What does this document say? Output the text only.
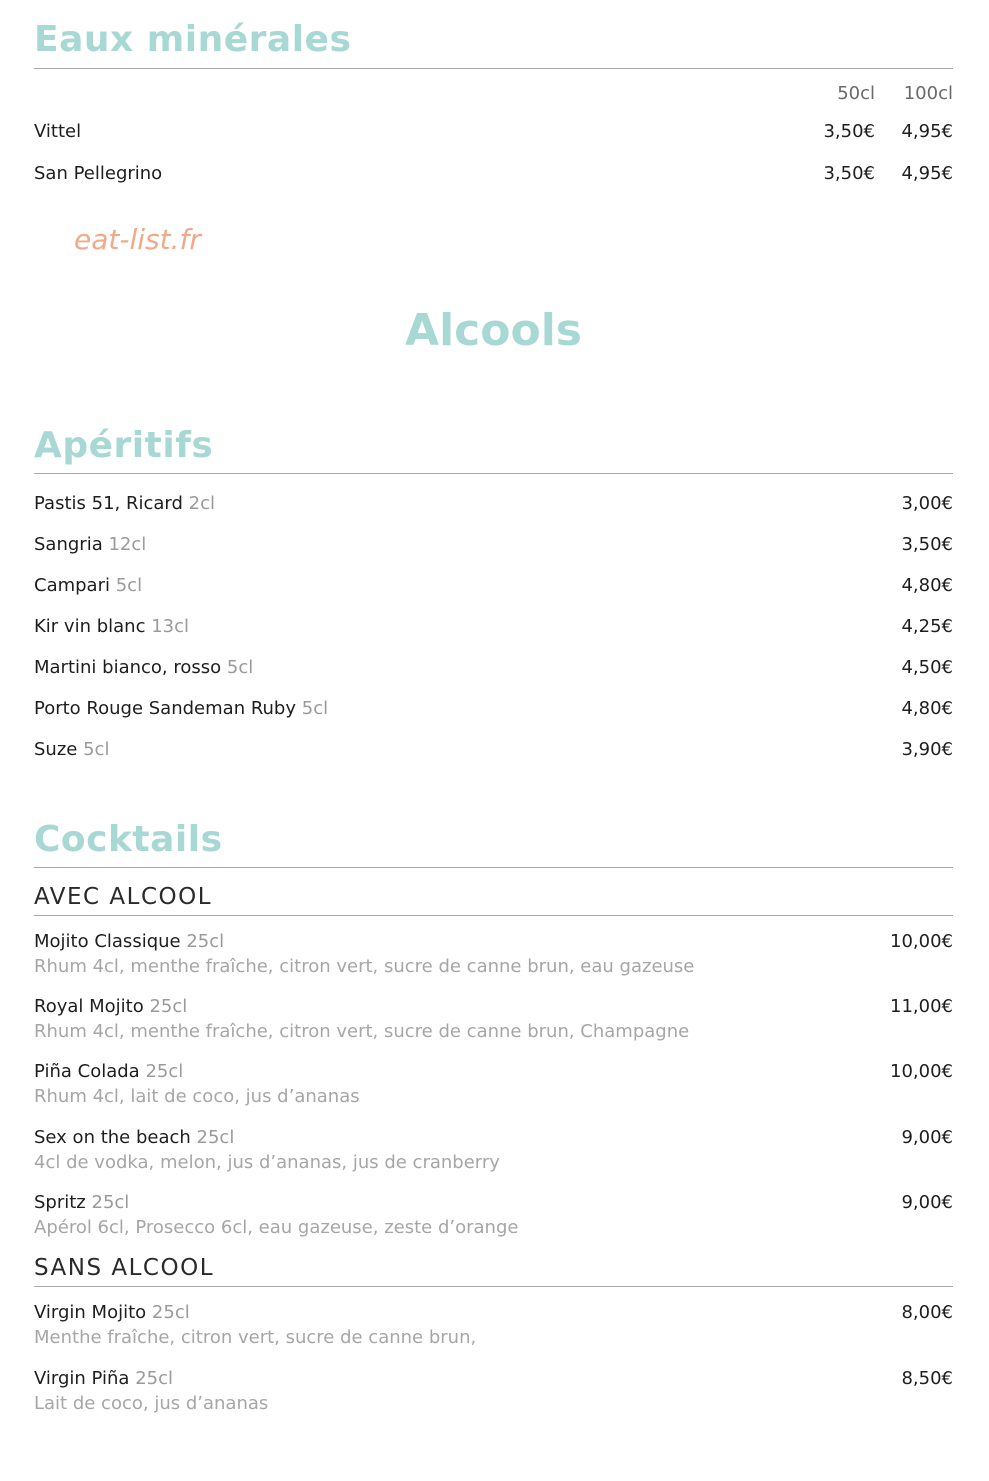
Eaux minérales
50cl 100cl
Vittel	3,50€ 4,95€
San Pellegrino	3,50€ 4,95€
eat-list.fr
Alcools
Apéritifs
Pastis 51, Ricard 2cl	3,00€
Sangria 12cl	3,50€
Campari 5cl	4,80€
Kir vin blanc 13cl	4,25€
Martini bianco, rosso 5cl	4,50€
Porto Rouge Sandeman Ruby 5cl	4,80€
Suze 5cl	3,90€
Cocktails
AVEC ALCOOL
Mojito Classique 25cl	10,00€
Rhum 4cl, menthe fraîche, citron vert, sucre de canne brun, eau gazeuse
Royal Mojito 25cl	11,00€
Rhum 4cl, menthe fraîche, citron vert, sucre de canne brun, Champagne
Piña Colada 25cl	10,00€
Rhum 4cl, lait de coco, jus d’ananas
Sex on the beach 25cl	9,00€
4cl de vodka, melon, jus d’ananas, jus de cranberry
Spritz 25cl	9,00€
Apérol 6cl, Prosecco 6cl, eau gazeuse, zeste d’orange
SANS ALCOOL
Virgin Mojito 25cl	8,00€
Menthe fraîche, citron vert, sucre de canne brun,
Virgin Piña 25cl	8,50€
Lait de coco, jus d’ananas
